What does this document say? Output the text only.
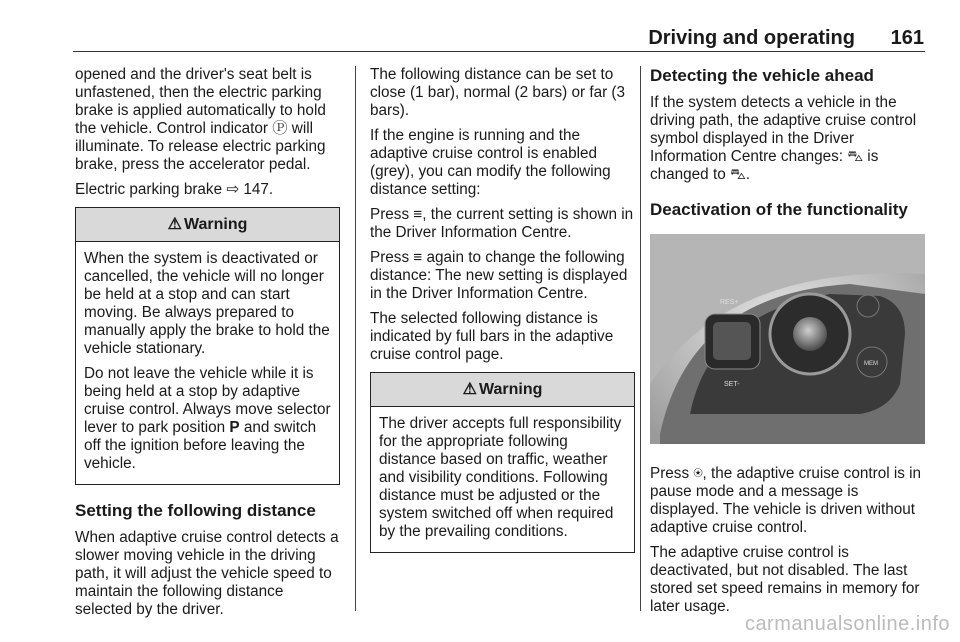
Driving and operating 161

opened and the driver's seat belt is unfastened, then the electric parking brake is applied automatically to hold the vehicle. Control indicator Ⓟ will illuminate. To release electric parking brake, press the accelerator pedal.

Electric parking brake ⇨ 147.

⚠ Warning

When the system is deactivated or cancelled, the vehicle will no longer be held at a stop and can start moving. Be always prepared to manually apply the brake to hold the vehicle stationary.

Do not leave the vehicle while it is being held at a stop by adaptive cruise control. Always move selector lever to park position P and switch off the ignition before leaving the vehicle.

Setting the following distance

When adaptive cruise control detects a slower moving vehicle in the driving path, it will adjust the vehicle speed to maintain the following distance selected by the driver.

The following distance can be set to close (1 bar), normal (2 bars) or far (3 bars).

If the engine is running and the adaptive cruise control is enabled (grey), you can modify the following distance setting:

Press ≡, the current setting is shown in the Driver Information Centre.

Press ≡ again to change the following distance: The new setting is displayed in the Driver Information Centre.

The selected following distance is indicated by full bars in the adaptive cruise control page.

⚠ Warning

The driver accepts full responsibility for the appropriate following distance based on traffic, weather and visibility conditions. Following distance must be adjusted or the system switched off when required by the prevailing conditions.

Detecting the vehicle ahead

If the system detects a vehicle in the driving path, the adaptive cruise control symbol displayed in the Driver Information Centre changes: ⛍ is changed to ⛍.

Deactivation of the functionality
RES+
SET-
MEM

Press ⍟, the adaptive cruise control is in pause mode and a message is displayed. The vehicle is driven without adaptive cruise control.

The adaptive cruise control is deactivated, but not disabled. The last stored set speed remains in memory for later usage.

carmanualsonline.info
